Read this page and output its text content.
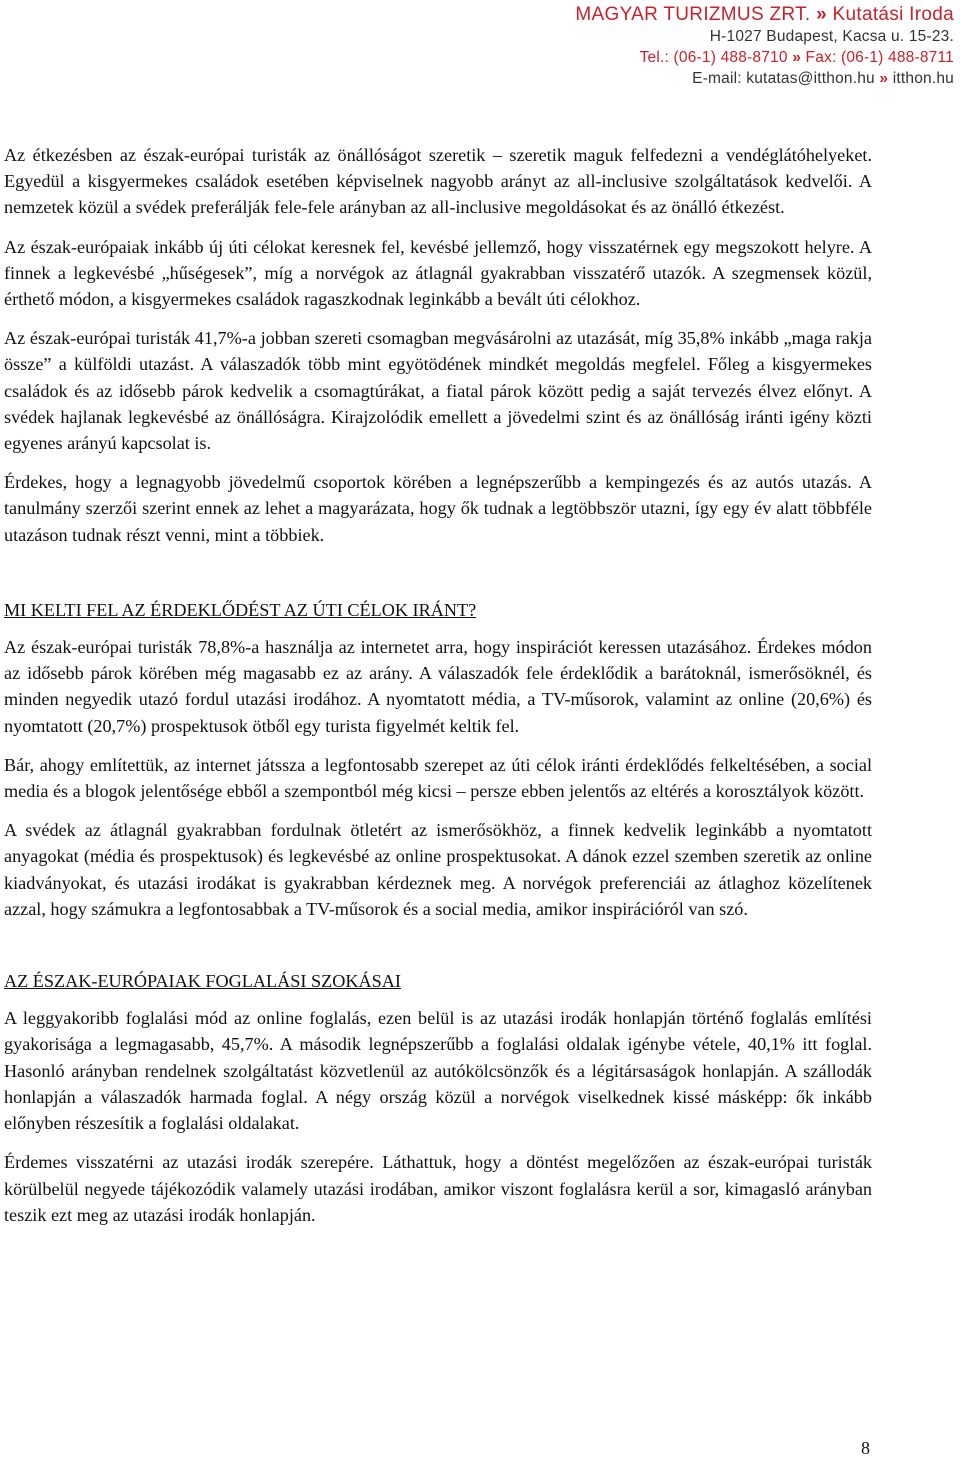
MAGYAR TURIZMUS ZRT. » Kutatási Iroda
H-1027 Budapest, Kacsa u. 15-23.
Tel.: (06-1) 488-8710 » Fax: (06-1) 488-8711
E-mail: kutatas@itthon.hu » itthon.hu

Az étkezésben az észak-európai turisták az önállóságot szeretik – szeretik maguk felfedezni a vendéglátóhelyeket. Egyedül a kisgyermekes családok esetében képviselnek nagyobb arányt az all-inclusive szolgáltatások kedvelői. A nemzetek közül a svédek preferálják fele-fele arányban az all-inclusive megoldásokat és az önálló étkezést.

Az észak-európaiak inkább új úti célokat keresnek fel, kevésbé jellemző, hogy visszatérnek egy megszokott helyre. A finnek a legkevésbé „hűségesek”, míg a norvégok az átlagnál gyakrabban visszatérő utazók. A szegmensek közül, érthető módon, a kisgyermekes családok ragaszkodnak leginkább a bevált úti célokhoz.

Az észak-európai turisták 41,7%-a jobban szereti csomagban megvásárolni az utazását, míg 35,8% inkább „maga rakja össze” a külföldi utazást. A válaszadók több mint egyötödének mindkét megoldás megfelel. Főleg a kisgyermekes családok és az idősebb párok kedvelik a csomagtúrákat, a fiatal párok között pedig a saját tervezés élvez előnyt. A svédek hajlanak legkevésbé az önállóságra. Kirajzolódik emellett a jövedelmi szint és az önállóság iránti igény közti egyenes arányú kapcsolat is.

Érdekes, hogy a legnagyobb jövedelmű csoportok körében a legnépszerűbb a kempingezés és az autós utazás. A tanulmány szerzői szerint ennek az lehet a magyarázata, hogy ők tudnak a legtöbbször utazni, így egy év alatt többféle utazáson tudnak részt venni, mint a többiek.

MI KELTI FEL AZ ÉRDEKLŐDÉST AZ ÚTI CÉLOK IRÁNT?

Az észak-európai turisták 78,8%-a használja az internetet arra, hogy inspirációt keressen utazásához. Érdekes módon az idősebb párok körében még magasabb ez az arány. A válaszadók fele érdeklődik a barátoknál, ismerősöknél, és minden negyedik utazó fordul utazási irodához. A nyomtatott média, a TV-műsorok, valamint az online (20,6%) és nyomtatott (20,7%) prospektusok ötből egy turista figyelmét keltik fel.

Bár, ahogy említettük, az internet játssza a legfontosabb szerepet az úti célok iránti érdeklődés felkeltésében, a social media és a blogok jelentősége ebből a szempontból még kicsi – persze ebben jelentős az eltérés a korosztályok között.

A svédek az átlagnál gyakrabban fordulnak ötletért az ismerősökhöz, a finnek kedvelik leginkább a nyomtatott anyagokat (média és prospektusok) és legkevésbé az online prospektusokat. A dánok ezzel szemben szeretik az online kiadványokat, és utazási irodákat is gyakrabban kérdeznek meg. A norvégok preferenciái az átlaghoz közelítenek azzal, hogy számukra a legfontosabbak a TV-műsorok és a social media, amikor inspirációról van szó.

AZ ÉSZAK-EURÓPAIAK FOGLALÁSI SZOKÁSAI

A leggyakoribb foglalási mód az online foglalás, ezen belül is az utazási irodák honlapján történő foglalás említési gyakorisága a legmagasabb, 45,7%. A második legnépszerűbb a foglalási oldalak igénybe vétele, 40,1% itt foglal. Hasonló arányban rendelnek szolgáltatást közvetlenül az autókölcsönzők és a légitársaságok honlapján. A szállodák honlapján a válaszadók harmada foglal. A négy ország közül a norvégok viselkednek kissé másképp: ők inkább előnyben részesítik a foglalási oldalakat.

Érdemes visszatérni az utazási irodák szerepére. Láthattuk, hogy a döntést megelőzően az észak-európai turisták körülbelül negyede tájékozódik valamely utazási irodában, amikor viszont foglalásra kerül a sor, kimagasló arányban teszik ezt meg az utazási irodák honlapján.

8
